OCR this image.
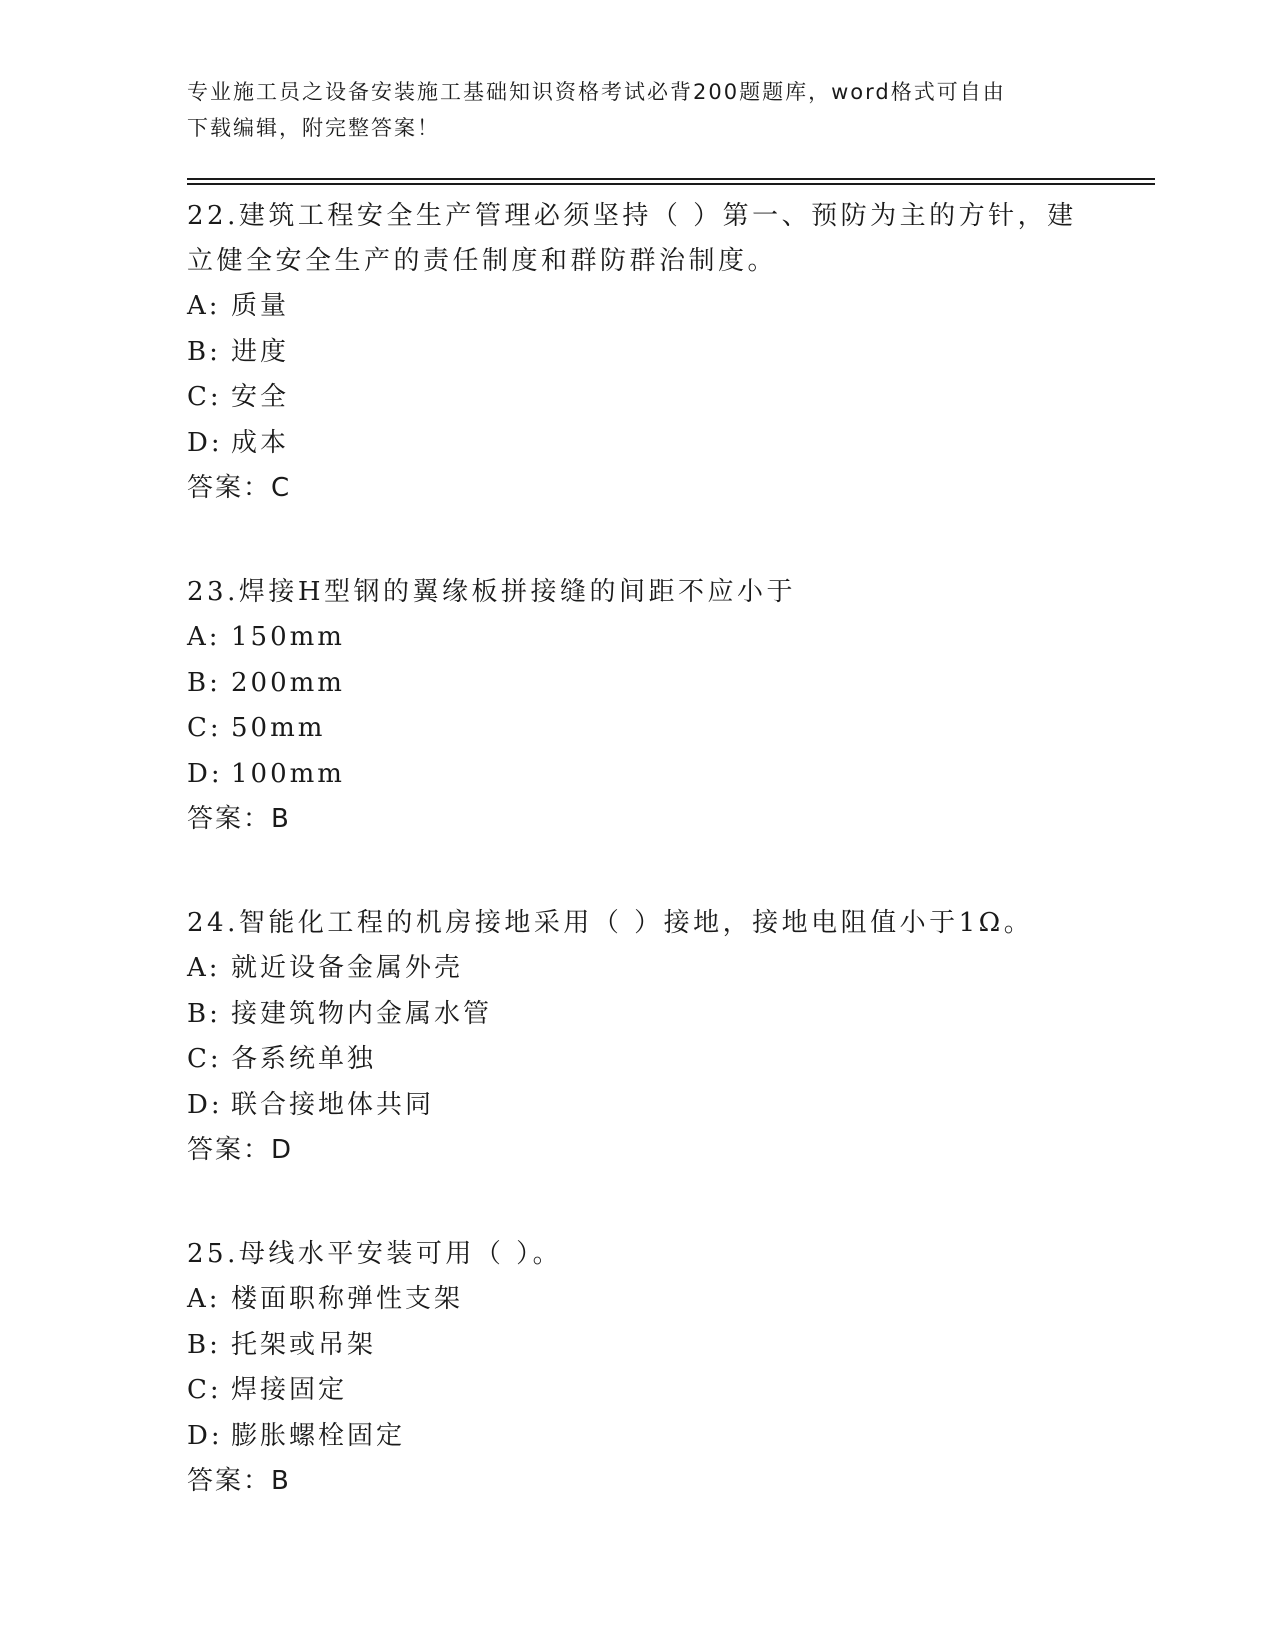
专业施工员之设备安装施工基础知识资格考试必背200题题库，word格式可自由
下载编辑，附完整答案！
22.建筑工程安全生产管理必须坚持（ ）第一、预防为主的方针，建
立健全安全生产的责任制度和群防群治制度。
A: 质量
B: 进度
C: 安全
D: 成本
答案：C
23.焊接H型钢的翼缘板拼接缝的间距不应小于
A: 150mm
B: 200mm
C: 50mm
D: 100mm
答案：B
24.智能化工程的机房接地采用（ ）接地，接地电阻值小于1Ω。
A: 就近设备金属外壳
B: 接建筑物内金属水管
C: 各系统单独
D: 联合接地体共同
答案：D
25.母线水平安装可用（ ）。
A: 楼面职称弹性支架
B: 托架或吊架
C: 焊接固定
D: 膨胀螺栓固定
答案：B
